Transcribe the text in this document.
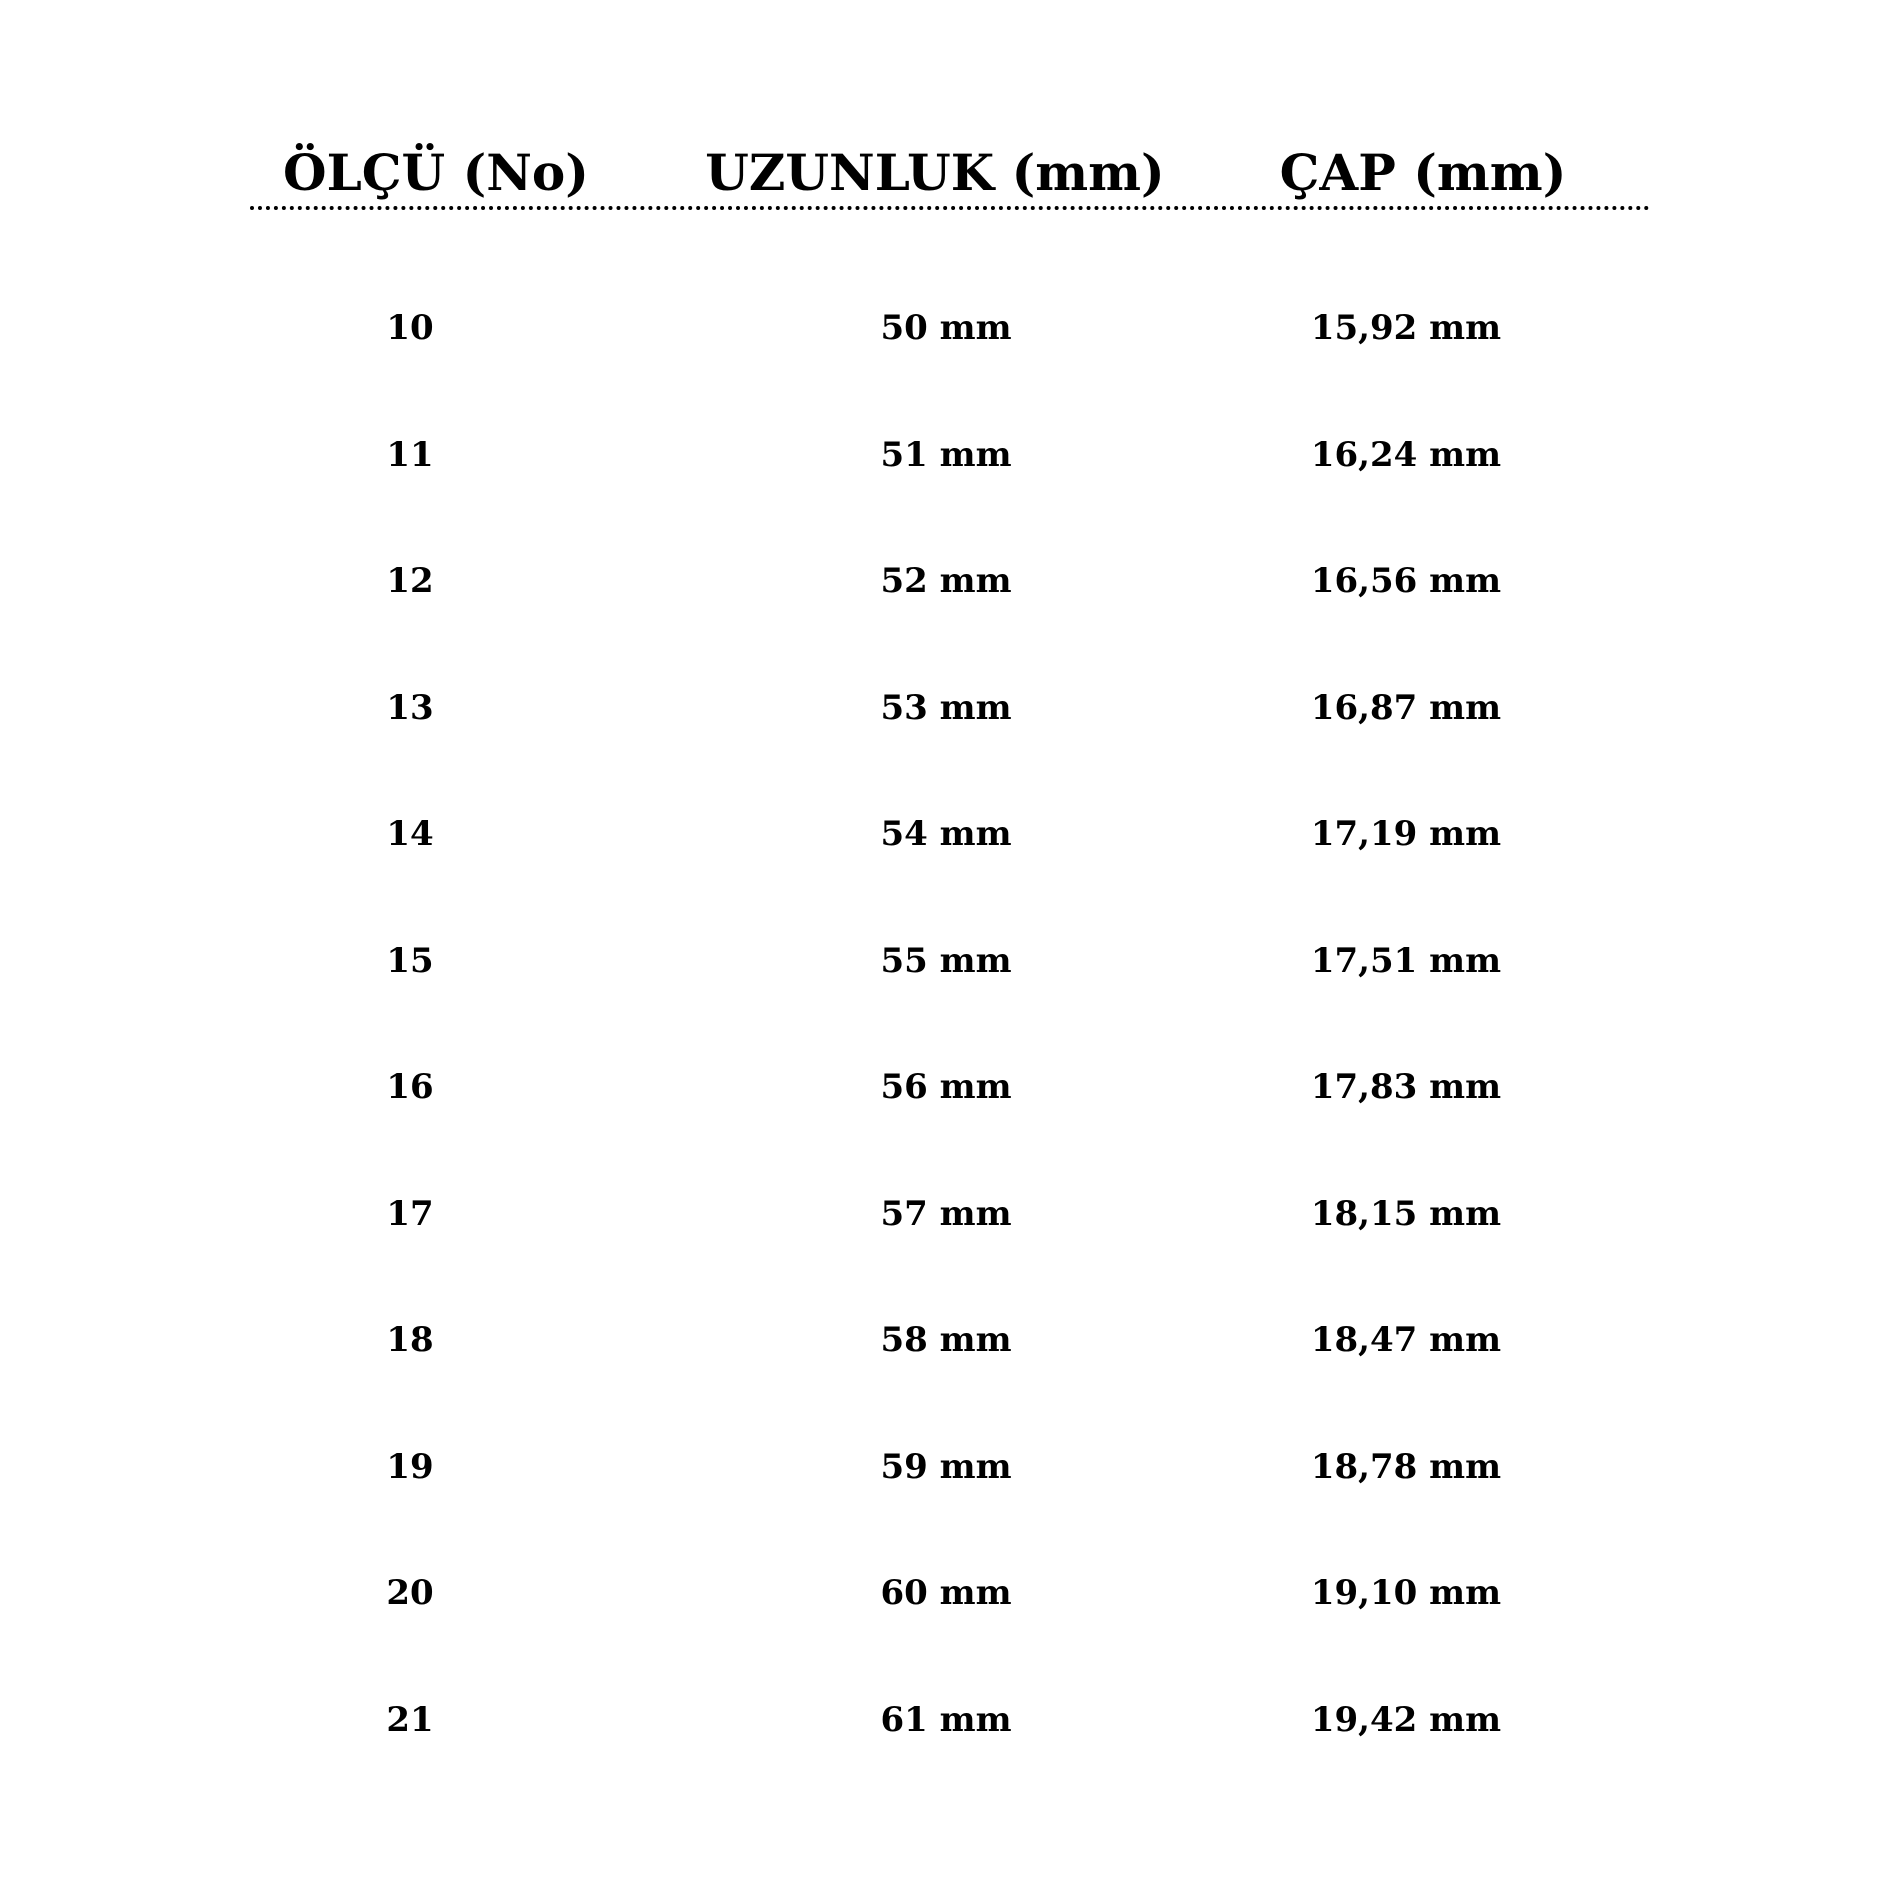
ÖLÇÜ (No) UZUNLUK (mm) ÇAP (mm)
10	50 mm	15,92 mm
11	51 mm	16,24 mm
12	52 mm	16,56 mm
13	53 mm	16,87 mm
14	54 mm	17,19 mm
15	55 mm	17,51 mm
16	56 mm	17,83 mm
17	57 mm	18,15 mm
18	58 mm	18,47 mm
19	59 mm	18,78 mm
20	60 mm	19,10 mm
21	61 mm	19,42 mm
